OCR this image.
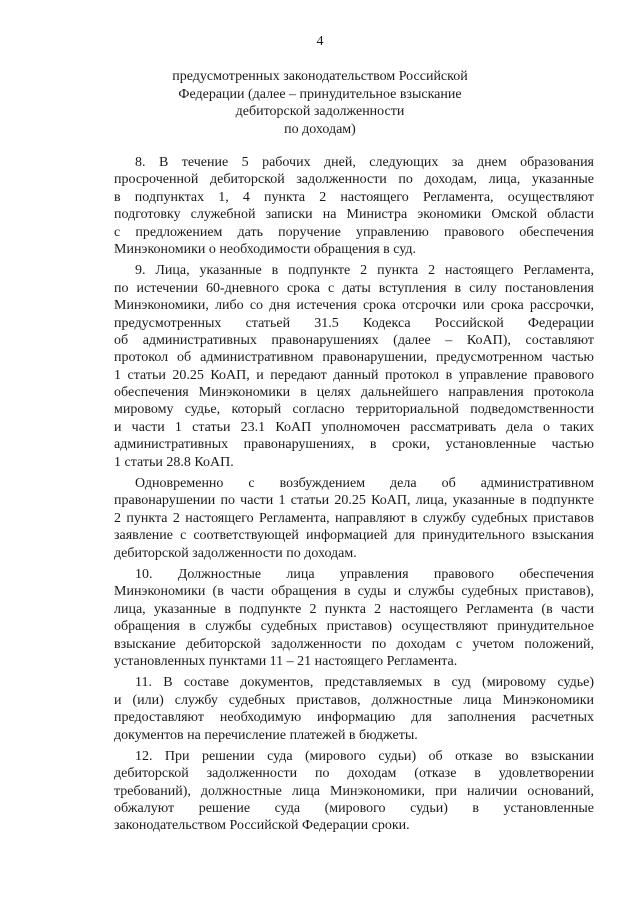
4
предусмотренных законодательством Российской
Федерации (далее – принудительное взыскание
дебиторской задолженности
по доходам)
8. В течение 5 рабочих дней, следующих за днем образования
просроченной дебиторской задолженности по доходам, лица, указанные
в подпунктах 1, 4 пункта 2 настоящего Регламента, осуществляют
подготовку служебной записки на Министра экономики Омской области
с предложением дать поручение управлению правового обеспечения
Минэкономики о необходимости обращения в суд.
9. Лица, указанные в подпункте 2 пункта 2 настоящего Регламента,
по истечении 60-дневного срока с даты вступления в силу постановления
Минэкономики, либо со дня истечения срока отсрочки или срока рассрочки,
предусмотренных статьей 31.5 Кодекса Российской Федерации
об административных правонарушениях (далее – КоАП), составляют
протокол об административном правонарушении, предусмотренном частью
1 статьи 20.25 КоАП, и передают данный протокол в управление правового
обеспечения Минэкономики в целях дальнейшего направления протокола
мировому судье, который согласно территориальной подведомственности
и части 1 статьи 23.1 КоАП уполномочен рассматривать дела о таких
административных правонарушениях, в сроки, установленные частью
1 статьи 28.8 КоАП.
Одновременно с возбуждением дела об административном
правонарушении по части 1 статьи 20.25 КоАП, лица, указанные в подпункте
2 пункта 2 настоящего Регламента, направляют в службу судебных приставов
заявление с соответствующей информацией для принудительного взыскания
дебиторской задолженности по доходам.
10. Должностные лица управления правового обеспечения
Минэкономики (в части обращения в суды и службы судебных приставов),
лица, указанные в подпункте 2 пункта 2 настоящего Регламента (в части
обращения в службы судебных приставов) осуществляют принудительное
взыскание дебиторской задолженности по доходам с учетом положений,
установленных пунктами 11 – 21 настоящего Регламента.
11. В составе документов, представляемых в суд (мировому судье)
и (или) службу судебных приставов, должностные лица Минэкономики
предоставляют необходимую информацию для заполнения расчетных
документов на перечисление платежей в бюджеты.
12. При решении суда (мирового судьи) об отказе во взыскании
дебиторской задолженности по доходам (отказе в удовлетворении
требований), должностные лица Минэкономики, при наличии оснований,
обжалуют решение суда (мирового судьи) в установленные
законодательством Российской Федерации сроки.
